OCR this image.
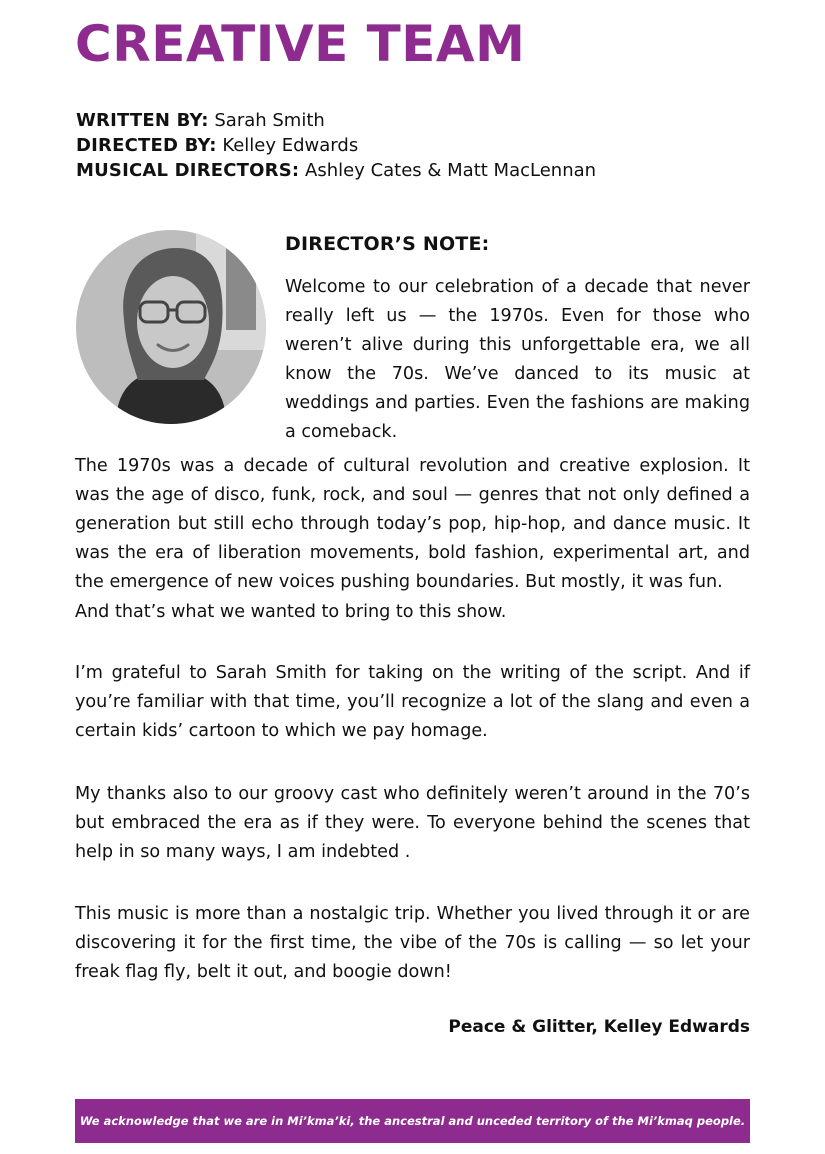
CREATIVE TEAM
WRITTEN BY: Sarah Smith
DIRECTED BY: Kelley Edwards
MUSICAL DIRECTORS: Ashley Cates & Matt MacLennan
DIRECTOR’S NOTE:

Welcome to our celebration of a decade that never really left us — the 1970s. Even for those who weren’t alive during this unforgettable era, we all know the 70s. We’ve danced to its music at weddings and parties. Even the fashions are making a comeback.

The 1970s was a decade of cultural revolution and creative explosion. It was the age of disco, funk, rock, and soul — genres that not only defined a generation but still echo through today’s pop, hip-hop, and dance music. It was the era of liberation movements, bold fashion, experimental art, and the emergence of new voices pushing boundaries. But mostly, it was fun.

And that’s what we wanted to bring to this show.

I’m grateful to Sarah Smith for taking on the writing of the script. And if you’re familiar with that time, you’ll recognize a lot of the slang and even a certain kids’ cartoon to which we pay homage.

My thanks also to our groovy cast who definitely weren’t around in the 70’s but embraced the era as if they were. To everyone behind the scenes that help in so many ways, I am indebted .

This music is more than a nostalgic trip. Whether you lived through it or are discovering it for the first time, the vibe of the 70s is calling — so let your freak flag fly, belt it out, and boogie down!

Peace & Glitter, Kelley Edwards
We acknowledge that we are in Mi’kma’ki, the ancestral and unceded territory of the Mi’kmaq people.
